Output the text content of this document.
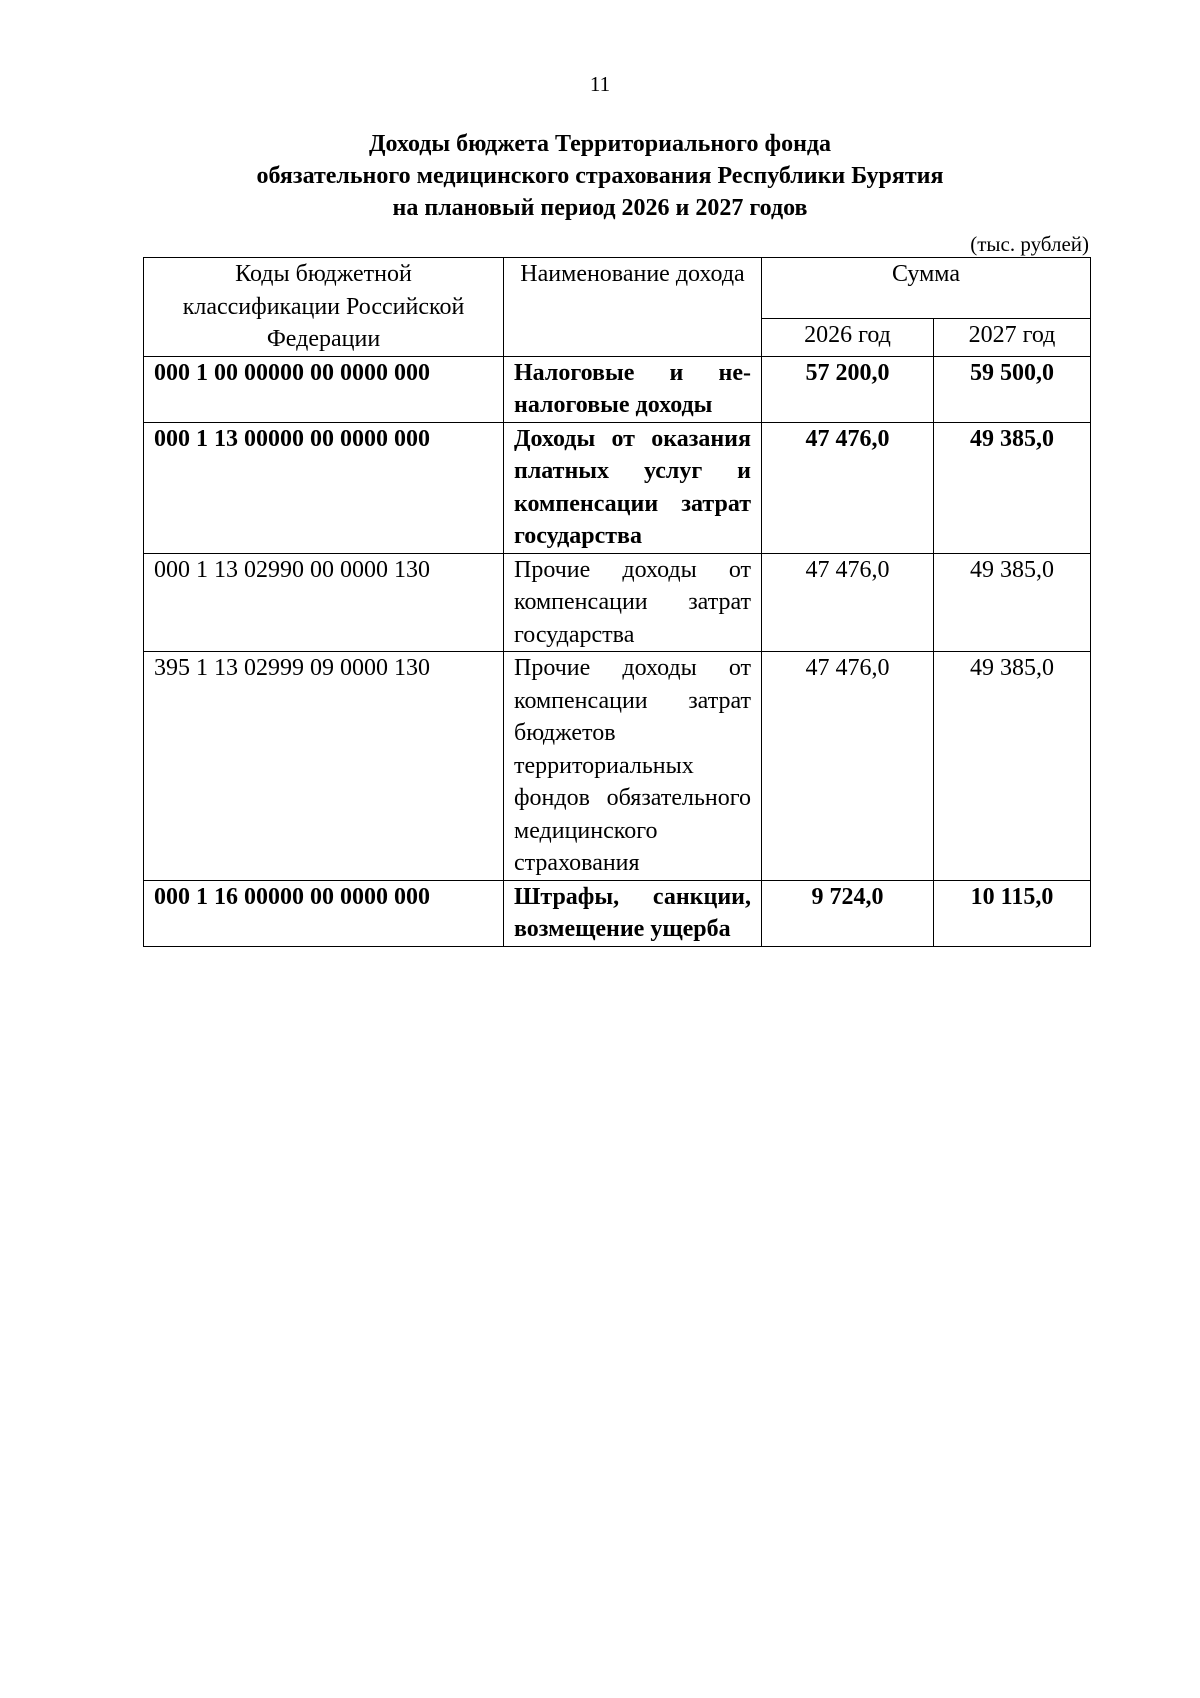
11
Доходы бюджета Территориального фонда
обязательного медицинского страхования Республики Бурятия
на плановый период 2026 и 2027 годов
(тыс. рублей)
Коды бюджетной классификации Российской Федерации	Наименование дохода	Сумма	
		2026 год	2027 год
000 1 00 00000 00 0000 000	Налоговые и неналоговые доходы	57 200,0	59 500,0
000 1 13 00000 00 0000 000	Доходы от оказания платных услуг и компенсации затрат государства	47 476,0	49 385,0
000 1 13 02990 00 0000 130	Прочие доходы от компенсации затрат государства	47 476,0	49 385,0
395 1 13 02999 09 0000 130	Прочие доходы от компенсации затрат бюджетов территориальных фондов обязательного медицинского страхования	47 476,0	49 385,0
000 1 16 00000 00 0000 000	Штрафы, санкции, возмещение ущерба	9 724,0	10 115,0
